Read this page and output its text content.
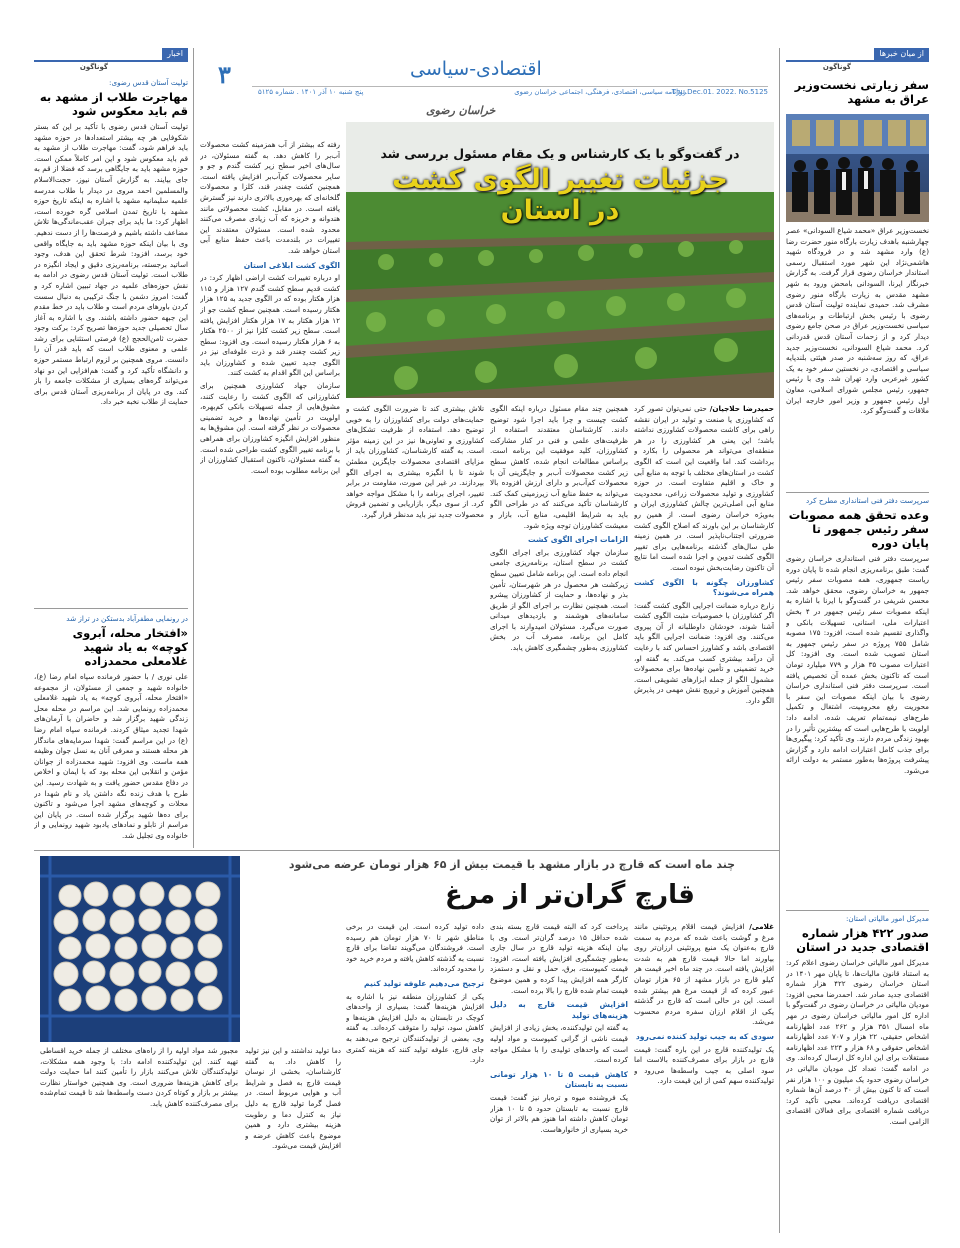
۳	اقتصادی-سیاسی
روزنامه سیاسی، اقتصادی، فرهنگی، اجتماعی خراسان رضوی
پنج شنبه ۱۰ آذر ۱۴۰۱ . شماره ۵۱۲۵	Thu.Dec.01. 2022. No.5125
خراسان رضوی
اخبار
گوناگون
تولیت آستان قدس رضوی:
مهاجرت طلاب از مشهد به قم باید معکوس شود
تولیت آستان قدس رضوی با تأکید بر این که بستر شکوفایی هر چه بیشتر استعدادها در حوزه مشهد باید فراهم شود، گفت: مهاجرت طلاب از مشهد به قم باید معکوس شود و این امر کاملاً ممکن است. حوزه مشهد باید به جایگاهی برسد که فضلا از قم به جای بیایند. به گزارش آستان نیوز، حجت‌الاسلام والمسلمین احمد مروی در دیدار با طلاب مدرسه علمیه سلیمانیه مشهد با اشاره به اینکه تاریخ حوزه مشهد با تاریخ تمدن اسلامی گره خورده است، اظهار کرد: ما باید برای جبران عقب‌ماندگی‌ها تلاش مضاعف داشته باشیم و فرصت‌ها را از دست ندهیم. وی با بیان اینکه حوزه مشهد باید به جایگاه واقعی خود برسد، افزود: شرط تحقق این هدف، وجود اساتید برجسته، برنامه‌ریزی دقیق و ایجاد انگیزه در طلاب است. تولیت آستان قدس رضوی در ادامه به نقش حوزه‌های علمیه در جهاد تبیین اشاره کرد و گفت: امروز دشمن با جنگ ترکیبی به دنبال سست کردن باورهای مردم است و طلاب باید در خط مقدم این جبهه حضور داشته باشند. وی با اشاره به آغاز سال تحصیلی جدید حوزه‌ها تصریح کرد: برکت وجود حضرت ثامن‌الحجج (ع) فرصتی استثنایی برای رشد علمی و معنوی طلاب است که باید قدر آن را دانست. مروی همچنین بر لزوم ارتباط مستمر حوزه و دانشگاه تأکید کرد و گفت: هم‌افزایی این دو نهاد می‌تواند گره‌های بسیاری از مشکلات جامعه را باز کند. وی در پایان از برنامه‌ریزی آستان قدس برای حمایت از طلاب نخبه خبر داد.
در رونمایی مطفرآباد بدستکن در تراز شد
«افتخار محله، آبروی کوچه» به یاد شهید غلامعلی محمدزاده
علی نوری / با حضور فرمانده سپاه امام رضا (ع)، خانواده شهید و جمعی از مسئولان، از مجموعه «افتخار محله، آبروی کوچه» به یاد شهید غلامعلی محمدزاده رونمایی شد. این مراسم در محله محل زندگی شهید برگزار شد و حاضران با آرمان‌های شهدا تجدید میثاق کردند. فرمانده سپاه امام رضا (ع) در این مراسم گفت: شهدا سرمایه‌های ماندگار هر محله هستند و معرفی آنان به نسل جوان وظیفه همه ماست. وی افزود: شهید محمدزاده از جوانان مؤمن و انقلابی این محله بود که با ایمان و اخلاص در دفاع مقدس حضور یافت و به شهادت رسید. این طرح با هدف زنده نگه داشتن یاد و نام شهدا در محلات و کوچه‌های مشهد اجرا می‌شود و تاکنون برای ده‌ها شهید برگزار شده است. در پایان این مراسم از تابلو و نمادهای یادبود شهید رونمایی و از خانواده وی تجلیل شد.
از میان خبرها
گوناگون
سفر زیارتی نخست‌وزیر عراق به مشهد
نخست‌وزیر عراق «محمد شیاع السودانی» عصر چهارشنبه باهدف زیارت بارگاه منور حضرت رضا (ع) وارد مشهد شد و در فرودگاه شهید هاشمی‌نژاد این شهر مورد استقبال رسمی استاندار خراسان رضوی قرار گرفت. به گزارش خبرنگار ایرنا، السودانی بامحض ورود به شهر مشهد مقدس به زیارت بارگاه منور رضوی مشرف شد. حمیدی نماینده تولیت آستان قدس رضوی با رئیس بخش ارتباطات و برنامه‌های سیاسی نخست‌وزیر عراق در صحن جامع رضوی دیدار کرد و از زحمات آستان قدس قدردانی کرد. محمد شیاع السودانی، نخست‌وزیر جدید عراق، که روز سه‌شنبه در صدر هیئتی بلندپایه سیاسی و اقتصادی، در نخستین سفر خود به یک کشور غیرعربی وارد تهران شد. وی با رئیس جمهور، رئیس مجلس شورای اسلامی، معاون اول رئیس جمهور و وزیر امور خارجه ایران ملاقات و گفت‌وگو کرد.
سرپرست دفتر فنی استانداری مطرح کرد
وعده تحقق همه مصوبات سفر رئیس جمهور تا پایان دوره
سرپرست دفتر فنی استانداری خراسان رضوی گفت: طبق برنامه‌ریزی انجام شده تا پایان دوره ریاست جمهوری، همه مصوبات سفر رئیس جمهور به خراسان رضوی، محقق خواهد شد. محسن شریفی در گفت‌وگو با ایرنا با اشاره به اینکه مصوبات سفر رئیس جمهور در ۴ بخش اعتبارات ملی، استانی، تسهیلات بانکی و واگذاری تقسیم شده است، افزود: ۱۷۵ مصوبه شامل ۷۵۵ پروژه در سفر رئیس جمهور به استان تصویب شده است. وی افزود: کل اعتبارات مصوب ۳۵ هزار و ۷۷۹ میلیارد تومان است که تاکنون بخش عمده آن تخصیص یافته است. سرپرست دفتر فنی استانداری خراسان رضوی با بیان اینکه مصوبات این سفر با محوریت رفع محرومیت، اشتغال و تکمیل طرح‌های نیمه‌تمام تعریف شده، ادامه داد: اولویت با طرح‌هایی است که بیشترین تأثیر را در بهبود زندگی مردم دارند. وی تأکید کرد: پیگیری‌ها برای جذب کامل اعتبارات ادامه دارد و گزارش پیشرفت پروژه‌ها به‌طور مستمر به دولت ارائه می‌شود.
مدیرکل امور مالیاتی استان:
صدور ۴۲۲ هزار شماره اقتصادی جدید در استان
مدیرکل امور مالیاتی خراسان رضوی اعلام کرد: به استناد قانون مالیات‌ها، تا پایان مهر ۱۴۰۱ در استان خراسان رضوی ۴۲۲ هزار شماره اقتصادی جدید صادر شد. احمدرضا محبی افزود: مودیان مالیاتی در خراسان رضوی در گفت‌وگو با اداره کل امور مالیاتی خراسان رضوی در مهر ماه امسال ۳۵۱ هزار و ۲۶۲ عدد اظهارنامه اشخاص حقیقی، ۲۲ هزار و ۷۰۷ عدد اظهارنامه اشخاص حقوقی و ۶۸ هزار و ۲۲۴ عدد اظهارنامه مستغلات برای این اداره کل ارسال کرده‌اند. وی در ادامه گفت: تعداد کل مودیان مالیاتی در خراسان رضوی حدود یک میلیون و ۱۰۰ هزار نفر است که تا کنون بیش از ۴۰ درصد آن‌ها شماره اقتصادی دریافت کرده‌اند. محبی تأکید کرد: دریافت شماره اقتصادی برای فعالان اقتصادی الزامی است.
در گفت‌وگو با یک کارشناس و یک مقام مسئول بررسی شد
جزئیات تغییر الگوی کشت در استان

رفته که بیشتر از آب همزمینه کشت محصولات آب‌بر را کاهش دهد. به گفته مسئولان، در سال‌های اخیر سطح زیر کشت گندم و جو و سایر محصولات کم‌آب‌بر افزایش یافته است. همچنین کشت چغندر قند، کلزا و محصولات گلخانه‌ای که بهره‌وری بالاتری دارند نیز گسترش یافته است. در مقابل، کشت محصولاتی مانند هندوانه و خربزه که آب زیادی مصرف می‌کنند محدود شده است. مسئولان معتقدند این تغییرات در بلندمدت باعث حفظ منابع آبی استان خواهد شد.

الگوی کشت ابلاغی استان

او درباره تغییرات کشت اراضی اظهار کرد: در کشت قدیم سطح کشت گندم ۱۲۷ هزار و ۱۱۵ هزار هکتار بوده که در الگوی جدید به ۱۲۵ هزار هکتار رسیده است. همچنین سطح کشت جو از ۱۲ هزار هکتار به ۱۷ هزار هکتار افزایش یافته است. سطح زیر کشت کلزا نیز از ۲۵۰۰ هکتار به ۶ هزار هکتار رسیده است. وی افزود: سطح زیر کشت چغندر قند و ذرت علوفه‌ای نیز در الگوی جدید تعیین شده و کشاورزان باید براساس این الگو اقدام به کشت کنند.

سازمان جهاد کشاورزی همچنین برای کشاورزانی که الگوی کشت را رعایت کنند، مشوق‌هایی از جمله تسهیلات بانکی کم‌بهره، اولویت در تأمین نهاده‌ها و خرید تضمینی محصولات در نظر گرفته است. این مشوق‌ها به منظور افزایش انگیزه کشاورزان برای همراهی با برنامه تغییر الگوی کشت طراحی شده است. به گفته مسئولان، تاکنون استقبال کشاورزان از این برنامه مطلوب بوده است.

تلاش بیشتری کند تا ضرورت الگوی کشت و حمایت‌های دولت برای کشاورزان را به خوبی توضیح دهد. استفاده از ظرفیت تشکل‌های کشاورزی و تعاونی‌ها نیز در این زمینه مؤثر است. به گفته کارشناسان، کشاورزان باید از مزایای اقتصادی محصولات جایگزین مطمئن شوند تا با انگیزه بیشتری به اجرای الگو بپردازند. در غیر این صورت، مقاومت در برابر تغییر، اجرای برنامه را با مشکل مواجه خواهد کرد. از سوی دیگر، بازاریابی و تضمین فروش محصولات جدید نیز باید مدنظر قرار گیرد.

همچنین چند مقام مسئول درباره اینکه الگوی کشت چیست و چرا باید اجرا شود توضیح دادند. کارشناسان معتقدند استفاده از ظرفیت‌های علمی و فنی در کنار مشارکت کشاورزان، کلید موفقیت این برنامه است. براساس مطالعات انجام شده، کاهش سطح زیر کشت محصولات آب‌بر و جایگزینی آن با محصولات کم‌آب‌بر و دارای ارزش افزوده بالا می‌تواند به حفظ منابع آب زیرزمینی کمک کند. کارشناسان تأکید می‌کنند که در طراحی الگو باید به شرایط اقلیمی، منابع آب، بازار و معیشت کشاورزان توجه ویژه شود.

الزامات اجرای الگوی کشت

سازمان جهاد کشاورزی برای اجرای الگوی کشت در سطح استان، برنامه‌ریزی جامعی انجام داده است. این برنامه شامل تعیین سطح زیرکشت هر محصول در هر شهرستان، تأمین بذر و نهاده‌ها، و حمایت از کشاورزان پیشرو است. همچنین نظارت بر اجرای الگو از طریق سامانه‌های هوشمند و بازدیدهای میدانی صورت می‌گیرد. مسئولان امیدوارند با اجرای کامل این برنامه، مصرف آب در بخش کشاورزی به‌طور چشمگیری کاهش یابد.

حمیدرضا حلاجیان/ حتی نمی‌توان تصور کرد که کشاورزی یا صنعت و تولید در ایران نقشه راهی برای کاشت محصولات کشاورزی نداشته باشد؛ این یعنی هر کشاورزی را در هر منطقه‌ای می‌تواند هر محصولی را بکارد و برداشت کند. اما واقعیت این است که الگوی کشت در استان‌های مختلف با توجه به منابع آبی و خاک و اقلیم متفاوت است. در حوزه کشاورزی و تولید محصولات زراعی، محدودیت منابع آبی اصلی‌ترین چالش کشاورزی ایران و به‌ویژه خراسان رضوی است. از همین رو کارشناسان بر این باورند که اصلاح الگوی کشت ضرورتی اجتناب‌ناپذیر است. در همین زمینه طی سال‌های گذشته برنامه‌هایی برای تغییر الگوی کشت تدوین و اجرا شده است اما نتایج آن تاکنون رضایت‌بخش نبوده است.

کشاورزان چگونه با الگوی کشت همراه می‌شوند؟

زارع درباره ضمانت اجرایی الگوی کشت گفت: اگر کشاورزان با خصوصیات مثبت الگوی کشت آشنا شوند، خودشان داوطلبانه از آن پیروی می‌کنند. وی افزود: ضمانت اجرایی الگو باید اقتصادی باشد و کشاورز احساس کند با رعایت آن درآمد بیشتری کسب می‌کند. به گفته او، خرید تضمینی و تأمین نهاده‌ها برای محصولات مشمول الگو از جمله ابزارهای تشویقی است. همچنین آموزش و ترویج نقش مهمی در پذیرش الگو دارد.

چند ماه است که قارچ در بازار مشهد با قیمت بیش از ۶۵ هزار تومان عرضه می‌شود
قارچ گران‌تر از مرغ

غلامی/ افزایش قیمت اقلام پروتئینی مانند مرغ و گوشت باعث شده که مردم به سمت قارچ به‌عنوان یک منبع پروتئینی ارزان‌تر روی بیاورند اما حالا قیمت قارچ هم به شدت افزایش یافته است. در چند ماه اخیر قیمت هر کیلو قارچ در بازار مشهد از ۶۵ هزار تومان عبور کرده که از قیمت مرغ هم بیشتر شده است. این در حالی است که قارچ در گذشته یکی از اقلام ارزان سفره مردم محسوب می‌شد.

سودی که به جیب تولید کننده نمی‌رود

یک تولیدکننده قارچ در این باره گفت: قیمت قارچ در بازار برای مصرف‌کننده بالاست اما سود اصلی به جیب واسطه‌ها می‌رود و تولیدکننده سهم کمی از این قیمت دارد.

پرداخت کرد که البته قیمت قارچ بسته بندی شده حداقل ۱۵ درصد گران‌تر است. وی با بیان اینکه هزینه تولید قارچ در سال جاری به‌طور چشمگیری افزایش یافته است، افزود: قیمت کمپوست، برق، حمل و نقل و دستمزد کارگر همه افزایش پیدا کرده و همین موضوع قیمت تمام شده قارچ را بالا برده است.

افزایش قیمت قارچ به دلیل هزینه‌های تولید

به گفته این تولیدکننده، بخش زیادی از افزایش قیمت ناشی از گرانی کمپوست و مواد اولیه است که واحدهای تولیدی را با مشکل مواجه کرده است.

کاهش قیمت ۵ تا ۱۰ هزار تومانی نسبت به تابستان

یک فروشنده میوه و تره‌بار نیز گفت: قیمت قارچ نسبت به تابستان حدود ۵ تا ۱۰ هزار تومان کاهش داشته اما هنوز هم بالاتر از توان خرید بسیاری از خانوارهاست.

داده تولید کرده است. این قیمت در برخی مناطق شهر تا ۷۰ هزار تومان هم رسیده است. فروشندگان می‌گویند تقاضا برای قارچ نسبت به گذشته کاهش یافته و مردم خرید خود را محدود کرده‌اند.

ترجیح می‌دهیم علوفه تولید کنیم

یکی از کشاورزان منطقه نیز با اشاره به افزایش هزینه‌ها گفت: بسیاری از واحدهای کوچک در تابستان به دلیل افزایش هزینه‌ها و کاهش سود، تولید را متوقف کرده‌اند. به گفته وی، بعضی از تولیدکنندگان ترجیح می‌دهند به جای قارچ، علوفه تولید کنند که هزینه کمتری دارد.

دما تولید نداشتند و این نیز تولید را کاهش داد. به گفته کارشناسان، بخشی از نوسان قیمت قارچ به فصل و شرایط آب و هوایی مربوط است. در فصل گرما تولید قارچ به دلیل نیاز به کنترل دما و رطوبت هزینه بیشتری دارد و همین موضوع باعث کاهش عرضه و افزایش قیمت می‌شود.

مجبور شد مواد اولیه را از راه‌های مختلف از جمله خرید اقساطی تهیه کنند. این تولیدکننده ادامه داد: با وجود همه مشکلات، تولیدکنندگان تلاش می‌کنند بازار را تأمین کنند اما حمایت دولت برای کاهش هزینه‌ها ضروری است. وی همچنین خواستار نظارت بیشتر بر بازار و کوتاه کردن دست واسطه‌ها شد تا قیمت تمام‌شده برای مصرف‌کننده کاهش یابد.
